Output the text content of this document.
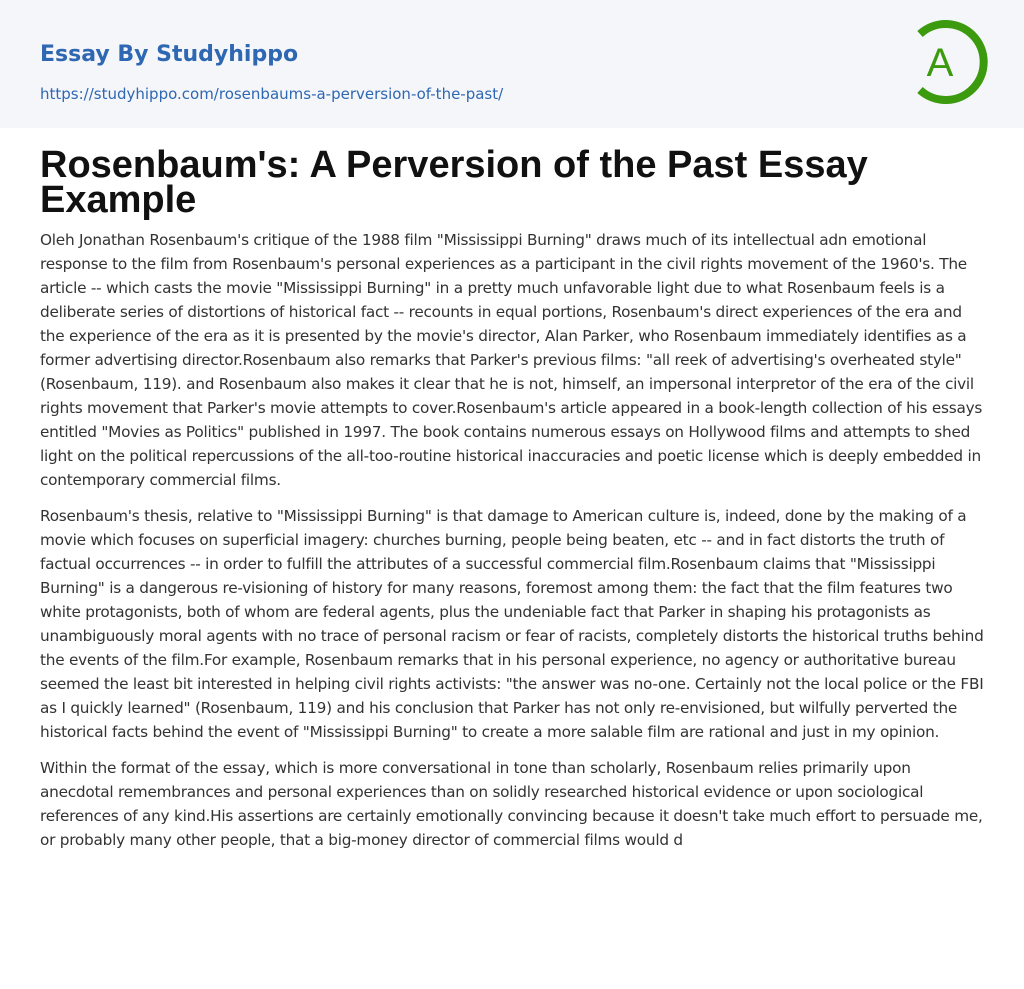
Essay By Studyhippo
https://studyhippo.com/rosenbaums-a-perversion-of-the-past/
A
Rosenbaum's: A Perversion of the Past Essay Example

Oleh Jonathan Rosenbaum's critique of the 1988 film "Mississippi Burning" draws much of its intellectual adn emotional response to the film from Rosenbaum's personal experiences as a participant in the civil rights movement of the 1960's. The article -- which casts the movie "Mississippi Burning" in a pretty much unfavorable light due to what Rosenbaum feels is a deliberate series of distortions of historical fact -- recounts in equal portions, Rosenbaum's direct experiences of the era and the experience of the era as it is presented by the movie's director, Alan Parker, who Rosenbaum immediately identifies as a former advertising director.Rosenbaum also remarks that Parker's previous films: "all reek of advertising's overheated style" (Rosenbaum, 119). and Rosenbaum also makes it clear that he is not, himself, an impersonal interpretor of the era of the civil rights movement that Parker's movie attempts to cover.Rosenbaum's article appeared in a book-length collection of his essays entitled "Movies as Politics" published in 1997. The book contains numerous essays on Hollywood films and attempts to shed light on the political repercussions of the all-too-routine historical inaccuracies and poetic license which is deeply embedded in contemporary commercial films.

Rosenbaum's thesis, relative to "Mississippi Burning" is that damage to American culture is, indeed, done by the making of a movie which focuses on superficial imagery: churches burning, people being beaten, etc -- and in fact distorts the truth of factual occurrences -- in order to fulfill the attributes of a successful commercial film.Rosenbaum claims that "Mississippi Burning" is a dangerous re-visioning of history for many reasons, foremost among them: the fact that the film features two white protagonists, both of whom are federal agents, plus the undeniable fact that Parker in shaping his protagonists as unambiguously moral agents with no trace of personal racism or fear of racists, completely distorts the historical truths behind the events of the film.For example, Rosenbaum remarks that in his personal experience, no agency or authoritative bureau seemed the least bit interested in helping civil rights activists: "the answer was no-one. Certainly not the local police or the FBI as I quickly learned" (Rosenbaum, 119) and his conclusion that Parker has not only re-envisioned, but wilfully perverted the historical facts behind the event of "Mississippi Burning" to create a more salable film are rational and just in my opinion.

Within the format of the essay, which is more conversational in tone than scholarly, Rosenbaum relies primarily upon anecdotal remembrances and personal experiences than on solidly researched historical evidence or upon sociological references of any kind.His assertions are certainly emotionally convincing because it doesn't take much effort to persuade me, or probably many other people, that a big-money director of commercial films would d
